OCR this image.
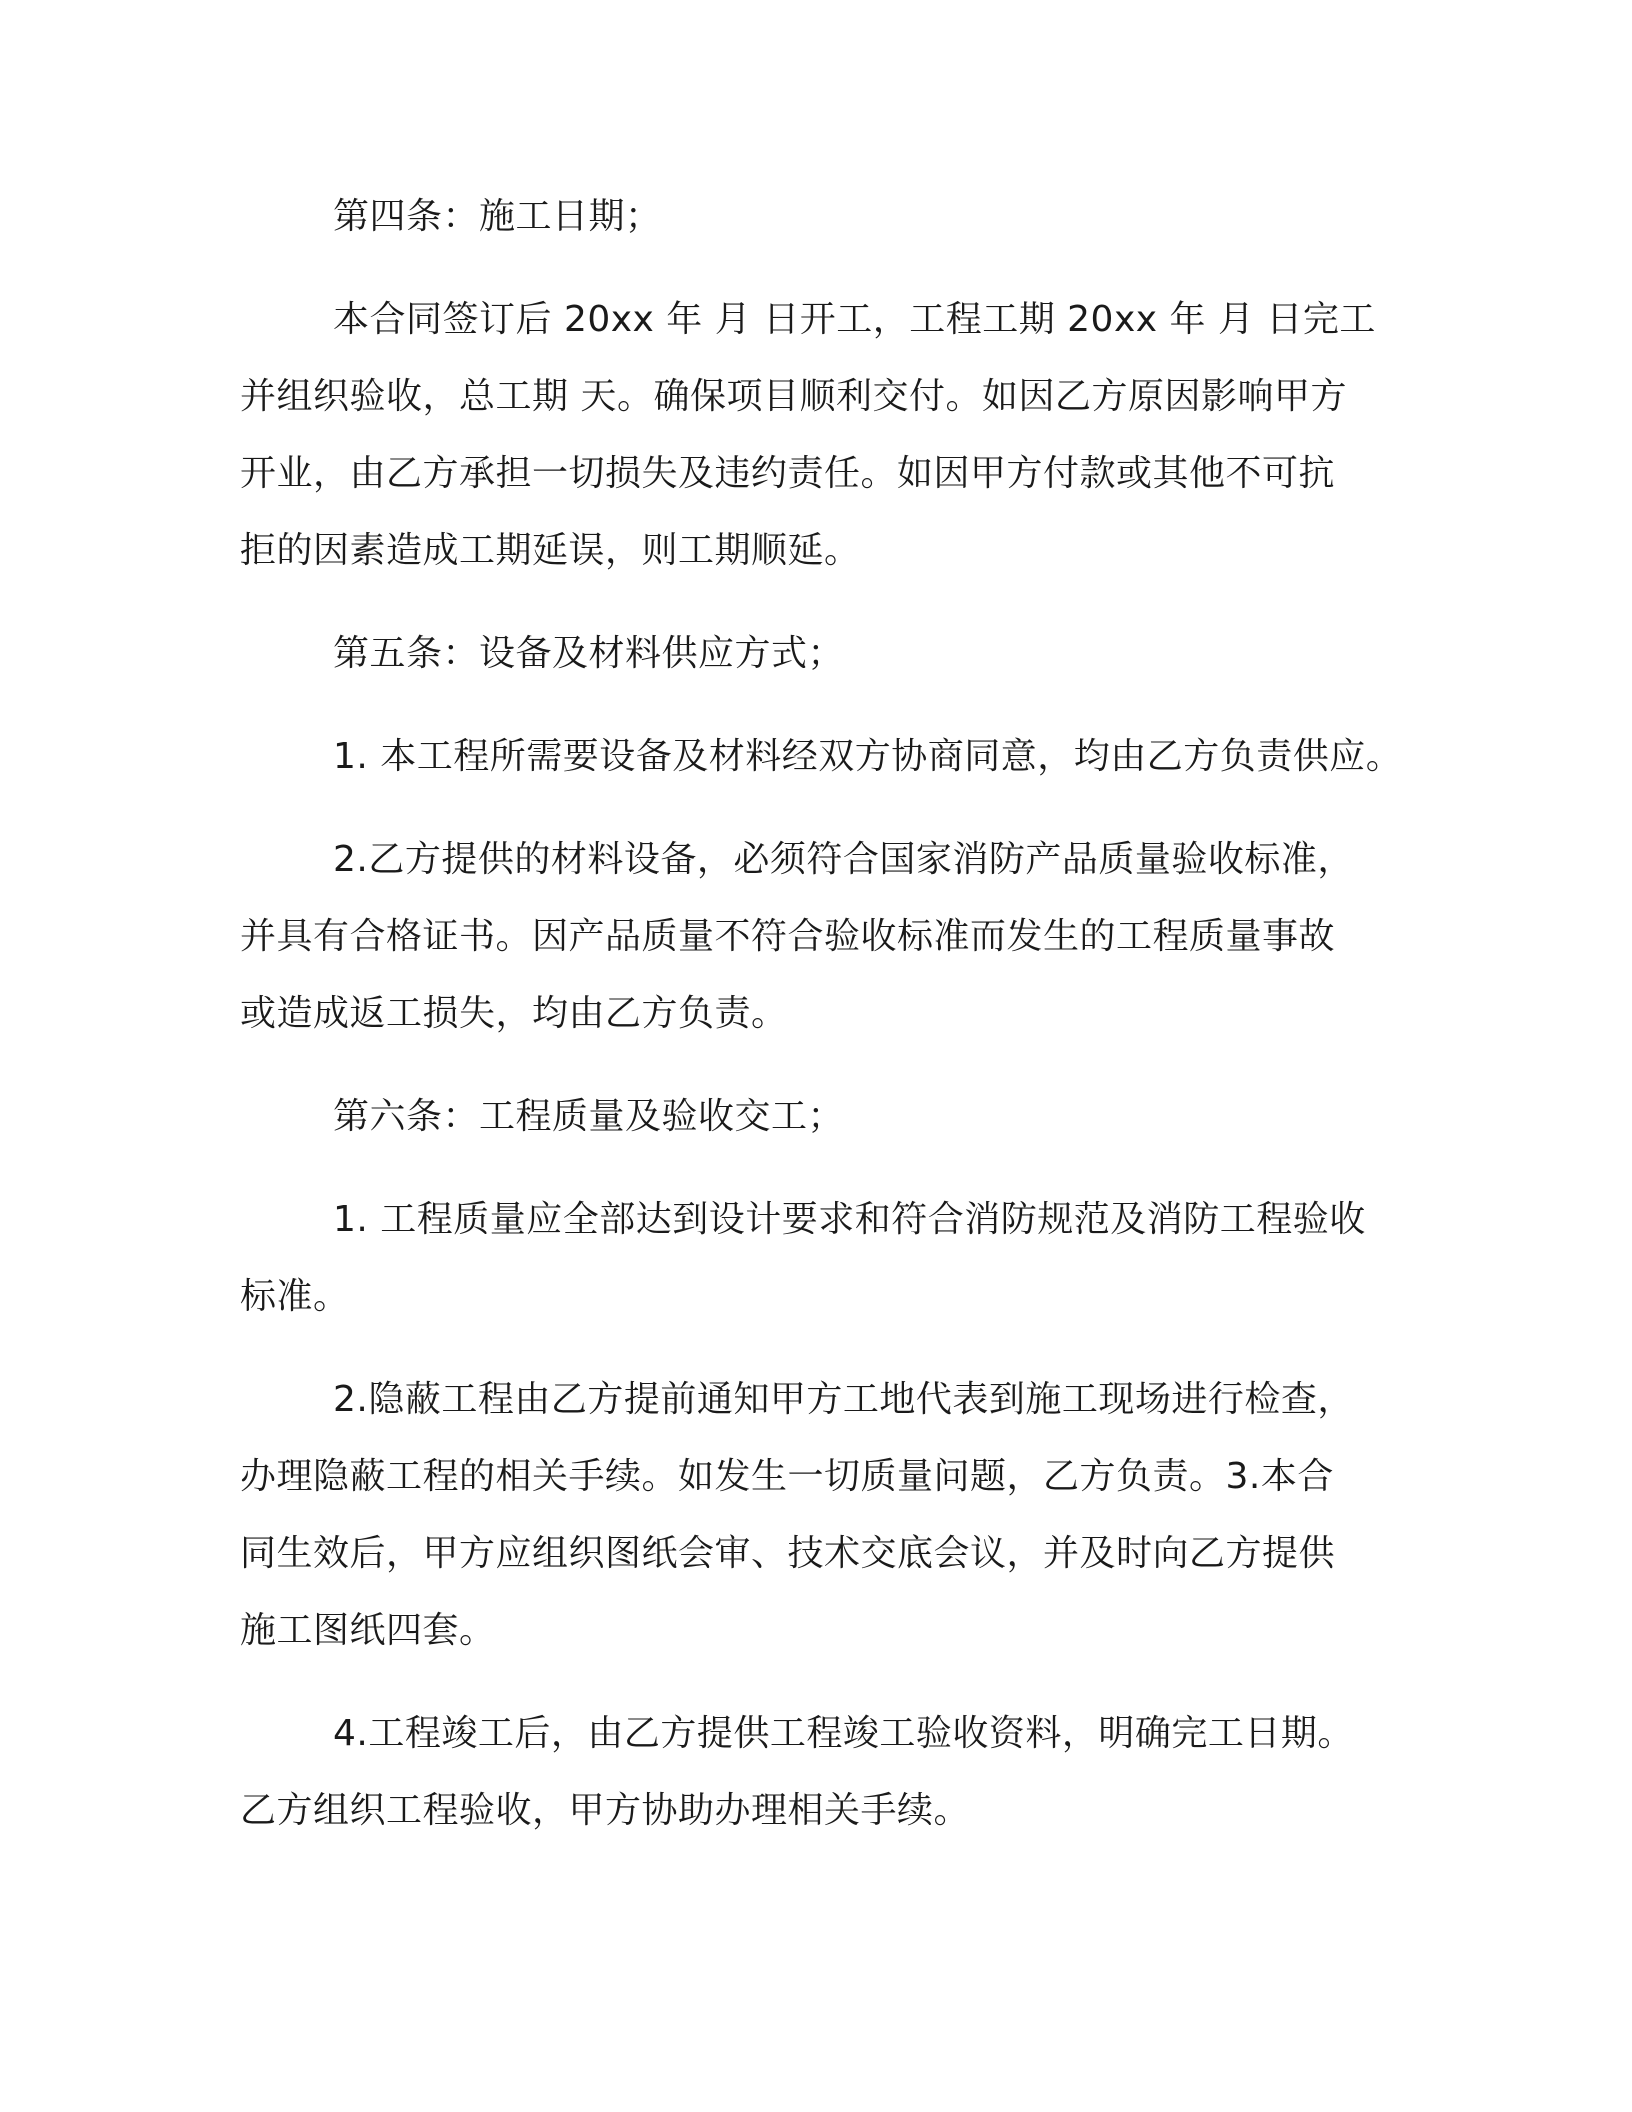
第四条：施工日期；
本合同签订后 20xx 年 月 日开工，工程工期 20xx 年 月 日完工
并组织验收，总工期 天。确保项目顺利交付。如因乙方原因影响甲方
开业，由乙方承担一切损失及违约责任。如因甲方付款或其他不可抗
拒的因素造成工期延误，则工期顺延。
第五条：设备及材料供应方式；
1. 本工程所需要设备及材料经双方协商同意，均由乙方负责供应。
2.乙方提供的材料设备，必须符合国家消防产品质量验收标准，
并具有合格证书。因产品质量不符合验收标准而发生的工程质量事故
或造成返工损失，均由乙方负责。
第六条：工程质量及验收交工；
1. 工程质量应全部达到设计要求和符合消防规范及消防工程验收
标准。
2.隐蔽工程由乙方提前通知甲方工地代表到施工现场进行检查，
办理隐蔽工程的相关手续。如发生一切质量问题，乙方负责。3.本合
同生效后，甲方应组织图纸会审、技术交底会议，并及时向乙方提供
施工图纸四套。
4.工程竣工后，由乙方提供工程竣工验收资料，明确完工日期。
乙方组织工程验收，甲方协助办理相关手续。
